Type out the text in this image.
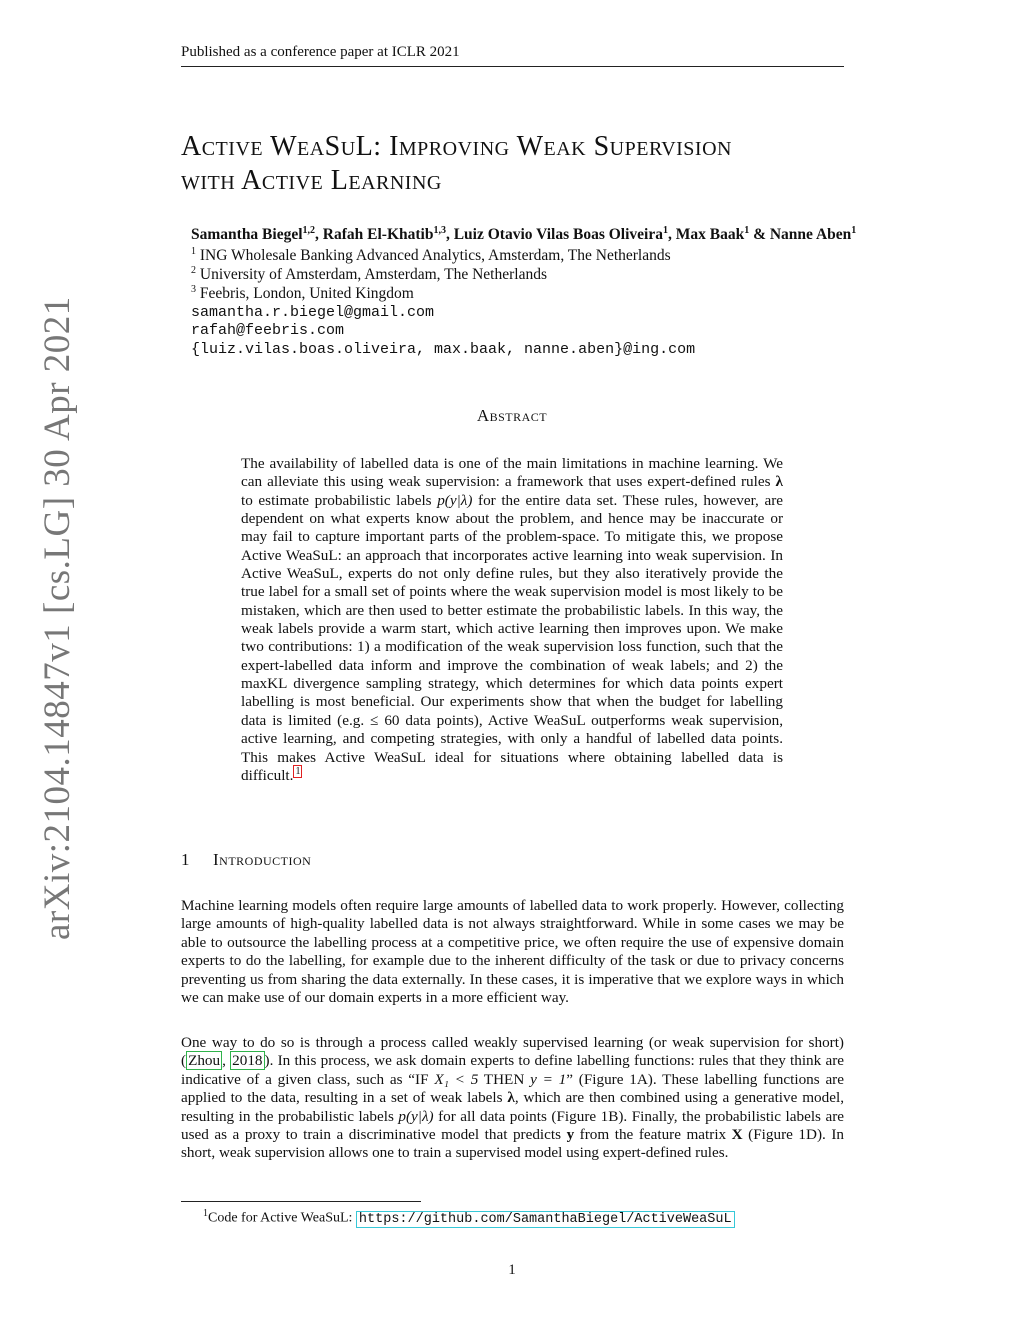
Published as a conference paper at ICLR 2021
Active WeaSuL: Improving Weak Supervision
with Active Learning
Samantha Biegel$^{1,2}$, Rafah El-Khatib$^{1,3}$, Luiz Otavio Vilas Boas Oliveira$^1$, Max Baak$^1$ & Nanne Aben$^1$
$^1$ ING Wholesale Banking Advanced Analytics, Amsterdam, The Netherlands
$^2$ University of Amsterdam, Amsterdam, The Netherlands
$^3$ Feebris, London, United Kingdom
samantha.r.biegel@gmail.com
rafah@feebris.com
{luiz.vilas.boas.oliveira, max.baak, nanne.aben}@ing.com
Abstract
The availability of labelled data is one of the main limitations in machine learning. We can alleviate this using weak supervision: a framework that uses expert-defined rules λ to estimate probabilistic labels p(y|λ) for the entire data set. These rules, however, are dependent on what experts know about the problem, and hence may be inaccurate or may fail to capture important parts of the problem-space. To mitigate this, we propose Active WeaSuL: an approach that incorporates active learning into weak supervision. In Active WeaSuL, experts do not only define rules, but they also iteratively provide the true label for a small set of points where the weak supervision model is most likely to be mistaken, which are then used to better estimate the probabilistic labels. In this way, the weak labels provide a warm start, which active learning then improves upon. We make two contributions: 1) a modification of the weak supervision loss function, such that the expert-labelled data inform and improve the combination of weak labels; and 2) the maxKL divergence sampling strategy, which determines for which data points expert labelling is most beneficial. Our experiments show that when the budget for labelling data is limited (e.g. ≤ 60 data points), Active WeaSuL outperforms weak supervision, active learning, and competing strategies, with only a handful of labelled data points. This makes Active WeaSuL ideal for situations where obtaining labelled data is difficult. $^1$
1 Introduction
Machine learning models often require large amounts of labelled data to work properly. However, collecting large amounts of high-quality labelled data is not always straightforward. While in some cases we may be able to outsource the labelling process at a competitive price, we often require the use of expensive domain experts to do the labelling, for example due to the inherent difficulty of the task or due to privacy concerns preventing us from sharing the data externally. In these cases, it is imperative that we explore ways in which we can make use of our domain experts in a more efficient way.
One way to do so is through a process called weakly supervised learning (or weak supervision for short) ( Zhou , 2018 ). In this process, we ask domain experts to define labelling functions: rules that they think are indicative of a given class, such as “IF X₁ < 5 THEN y = 1” (Figure 1A). These labelling functions are applied to the data, resulting in a set of weak labels λ, which are then combined using a generative model, resulting in the probabilistic labels p(y|λ) for all data points (Figure 1B). Finally, the probabilistic labels are used as a proxy to train a discriminative model that predicts y from the feature matrix X (Figure 1D). In short, weak supervision allows one to train a supervised model using expert-defined rules.
$^1$Code for Active WeaSuL: https://github.com/SamanthaBiegel/ActiveWeaSuL
1
arXiv:2104.14847v1 [cs.LG] 30 Apr 2021
